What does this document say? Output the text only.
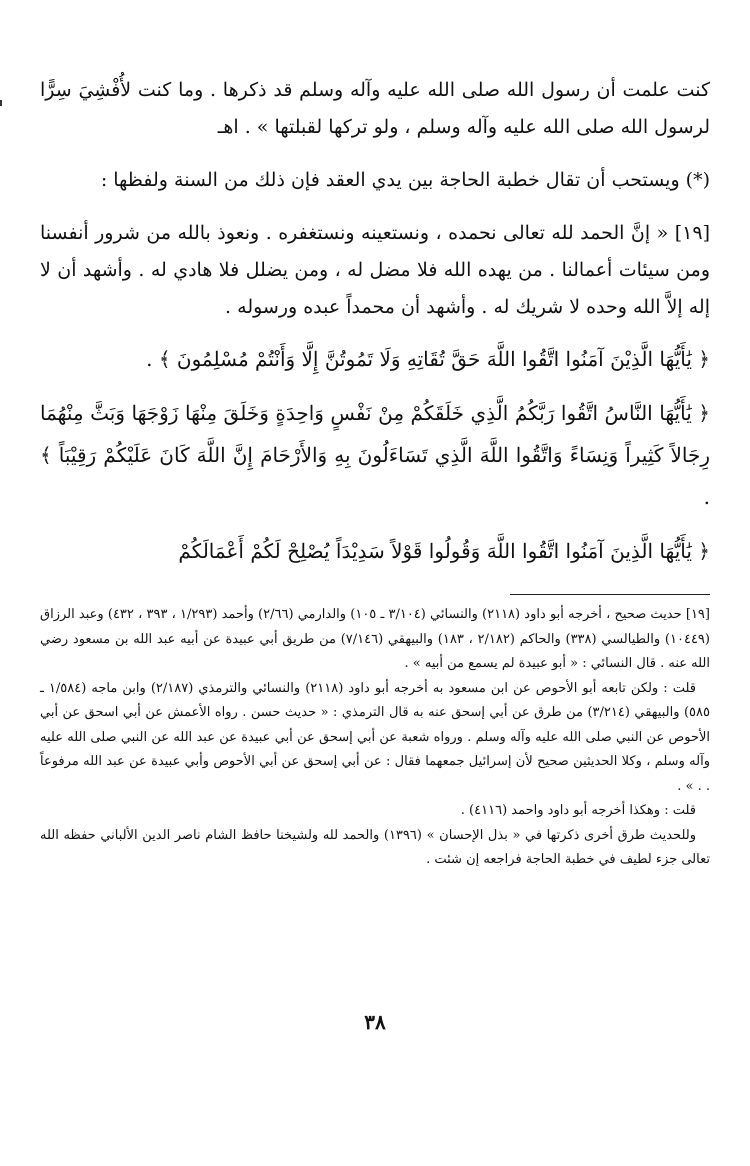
كنت علمت أن رسول الله صلى الله عليه وآله وسلم قد ذكرها . وما كنت لأُفْشِيَ سِرًّا لرسول الله صلى الله عليه وآله وسلم ، ولو تركها لقبلتها » . اهـ

(*) ويستحب أن تقال خطبة الحاجة بين يدي العقد فإن ذلك من السنة ولفظها :

[١٩] « إنَّ الحمد لله تعالى نحمده ، ونستعينه ونستغفره . ونعوذ بالله من شرور أنفسنا ومن سيئات أعمالنا . من يهده الله فلا مضل له ، ومن يضلل فلا هادي له . وأشهد أن لا إله إلاَّ الله وحده لا شريك له . وأشهد أن محمداً عبده ورسوله .

﴿ يَٰأَيُّهَا الَّذِيْنَ آمَنُوا اتَّقُوا اللَّهَ حَقَّ تُقَاتِهِ وَلَا تَمُوتُنَّ إِلَّا وَأَنْتُمْ مُسْلِمُونَ ﴾ .

﴿ يَٰأَيُّهَا النَّاسُ اتَّقُوا رَبَّكُمُ الَّذِي خَلَقَكُمْ مِنْ نَفْسٍ وَاحِدَةٍ وَخَلَقَ مِنْهَا زَوْجَهَا وَبَثَّ مِنْهُمَا رِجَالاً كَثِيراً وَنِسَاءً وَاتَّقُوا اللَّهَ الَّذِي تَسَاءَلُونَ بِهِ وَالأَرْحَامَ إِنَّ اللَّهَ كَانَ عَلَيْكُمْ رَقِيْبَاً ﴾ .

﴿ يَٰأَيُّهَا الَّذِينَ آمَنُوا اتَّقُوا اللَّهَ وَقُولُوا قَوْلاً سَدِيْدَاً يُصْلِحْ لَكُمْ أَعْمَالَكُمْ

[١٩] حديث صحيح ، أخرجه أبو داود (٢١١٨) والنسائي (٣/١٠٤ ـ ١٠٥) والدارمي (٢/٦٦) وأحمد (١/٢٩٣ ، ٣٩٣ ، ٤٣٢) وعبد الرزاق (١٠٤٤٩) والطيالسي (٣٣٨) والحاكم (٢/١٨٢ ، ١٨٣) والبيهقي (٧/١٤٦) من طريق أبي عبيدة عن أبيه عبد الله بن مسعود رضي الله عنه . قال النسائي : « أبو عبيدة لم يسمع من أبيه » .

قلت : ولكن تابعه أبو الأحوص عن ابن مسعود به أخرجه أبو داود (٢١١٨) والنسائي والترمذي (٢/١٨٧) وابن ماجه (١/٥٨٤ ـ ٥٨٥) والبيهقي (٣/٢١٤) من طرق عن أبي إسحق عنه به قال الترمذي : « حديث حسن . رواه الأعمش عن أبي اسحق عن أبي الأحوص عن النبي صلى الله عليه وآله وسلم . ورواه شعبة عن أبي إسحق عن أبي عبيدة عن عبد الله عن النبي صلى الله عليه وآله وسلم ، وكلا الحديثين صحيح لأن إسرائيل جمعهما فقال : عن أبي إسحق عن أبي الأحوص وأبي عبيدة عن عبد الله مرفوعاً . . » .

قلت : وهكذا أخرجه أبو داود واحمد (٤١١٦) .

وللحديث طرق أخرى ذكرتها في « بذل الإحسان » (١٣٩٦) والحمد لله ولشيخنا حافظ الشام ناصر الدين الألباني حفظه الله تعالى جزء لطيف في خطبة الحاجة فراجعه إن شئت .

٣٨
